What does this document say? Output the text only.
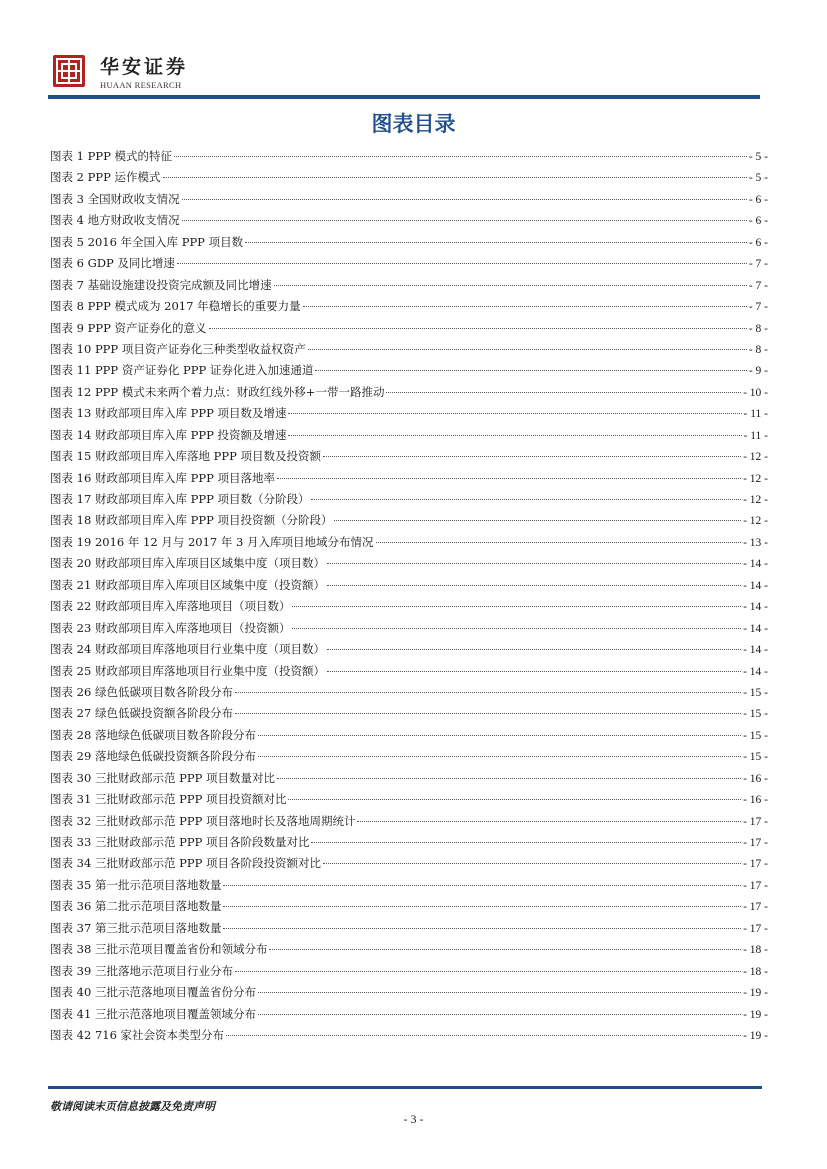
华安证券
HUAAN RESEARCH
图表目录
图表 1 PPP 模式的特征	- 5 -
图表 2 PPP 运作模式	- 5 -
图表 3 全国财政收支情况	- 6 -
图表 4 地方财政收支情况	- 6 -
图表 5 2016 年全国入库 PPP 项目数	- 6 -
图表 6 GDP 及同比增速	- 7 -
图表 7 基础设施建设投资完成额及同比增速	- 7 -
图表 8 PPP 模式成为 2017 年稳增长的重要力量	- 7 -
图表 9 PPP 资产证券化的意义	- 8 -
图表 10 PPP 项目资产证券化三种类型收益权资产	- 8 -
图表 11 PPP 资产证券化 PPP 证券化进入加速通道	- 9 -
图表 12 PPP 模式未来两个着力点：财政红线外移+一带一路推动	- 10 -
图表 13 财政部项目库入库 PPP 项目数及增速	- 11 -
图表 14 财政部项目库入库 PPP 投资额及增速	- 11 -
图表 15 财政部项目库入库落地 PPP 项目数及投资额	- 12 -
图表 16 财政部项目库入库 PPP 项目落地率	- 12 -
图表 17 财政部项目库入库 PPP 项目数（分阶段）	- 12 -
图表 18 财政部项目库入库 PPP 项目投资额（分阶段）	- 12 -
图表 19 2016 年 12 月与 2017 年 3 月入库项目地域分布情况	- 13 -
图表 20 财政部项目库入库项目区域集中度（项目数）	- 14 -
图表 21 财政部项目库入库项目区域集中度（投资额）	- 14 -
图表 22 财政部项目库入库落地项目（项目数）	- 14 -
图表 23 财政部项目库入库落地项目（投资额）	- 14 -
图表 24 财政部项目库落地项目行业集中度（项目数）	- 14 -
图表 25 财政部项目库落地项目行业集中度（投资额）	- 14 -
图表 26 绿色低碳项目数各阶段分布	- 15 -
图表 27 绿色低碳投资额各阶段分布	- 15 -
图表 28 落地绿色低碳项目数各阶段分布	- 15 -
图表 29 落地绿色低碳投资额各阶段分布	- 15 -
图表 30 三批财政部示范 PPP 项目数量对比	- 16 -
图表 31 三批财政部示范 PPP 项目投资额对比	- 16 -
图表 32 三批财政部示范 PPP 项目落地时长及落地周期统计	- 17 -
图表 33 三批财政部示范 PPP 项目各阶段数量对比	- 17 -
图表 34 三批财政部示范 PPP 项目各阶段投资额对比	- 17 -
图表 35 第一批示范项目落地数量	- 17 -
图表 36 第二批示范项目落地数量	- 17 -
图表 37 第三批示范项目落地数量	- 17 -
图表 38 三批示范项目覆盖省份和领域分布	- 18 -
图表 39 三批落地示范项目行业分布	- 18 -
图表 40 三批示范落地项目覆盖省份分布	- 19 -
图表 41 三批示范落地项目覆盖领域分布	- 19 -
图表 42 716 家社会资本类型分布	- 19 -
敬请阅读末页信息披露及免责声明
- 3 -
